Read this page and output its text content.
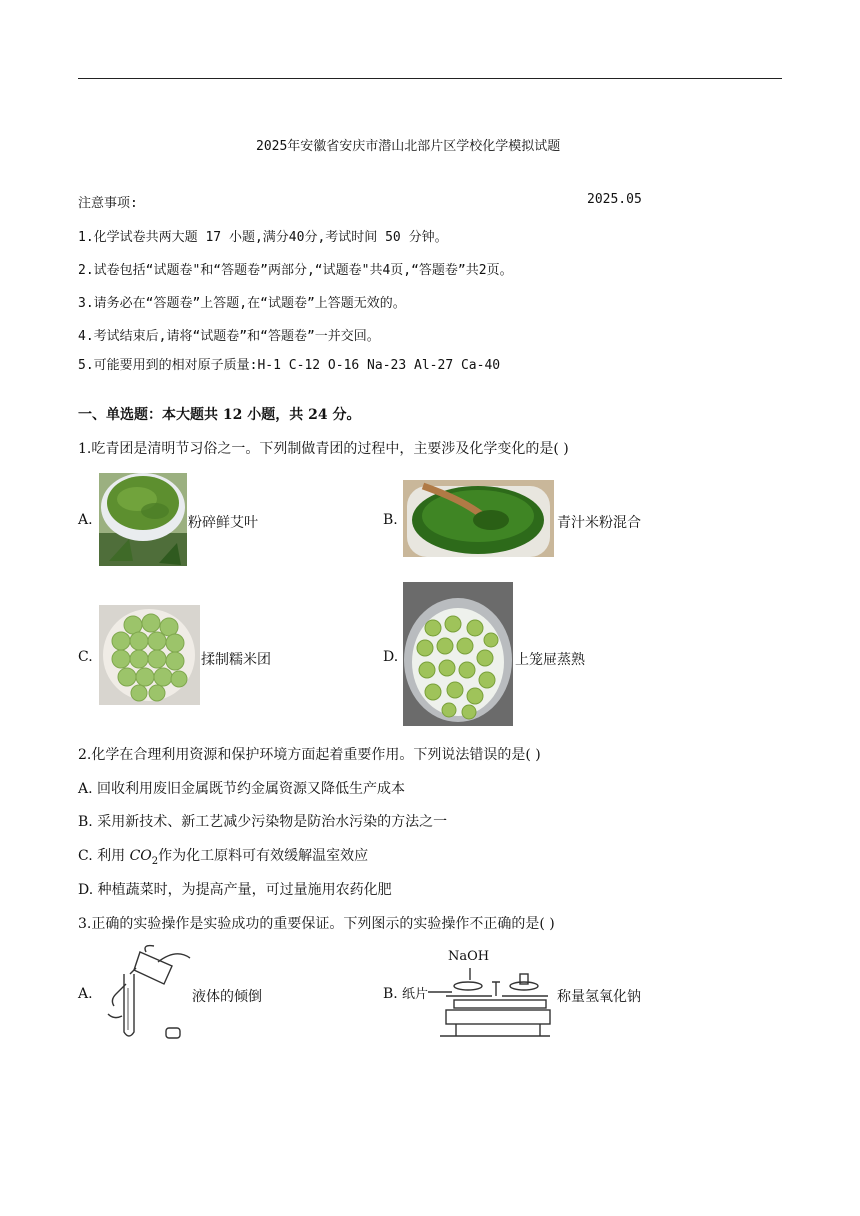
2025年安徽省安庆市潜山北部片区学校化学模拟试题
注意事项:	2025.05
1.化学试卷共两大题 17 小题,满分40分,考试时间 50 分钟。
2.试卷包括“试题卷"和“答题卷”两部分,“试题卷"共4页,“答题卷”共2页。
3.请务必在“答题卷”上答题,在“试题卷”上答题无效的。
4.考试结束后,请将“试题卷”和“答题卷”一并交回。
5.可能要用到的相对原子质量:H-1 C-12 O-16 Na-23 Al-27 Ca-40
一、单选题：本大题共 12 小题，共 24 分。
1.吃青团是清明节习俗之一。下列制做青团的过程中，主要涉及化学变化的是( )
A.	粉碎鲜艾叶	B.	青汁米粉混合
C.	揉制糯米团	D.	上笼屉蒸熟
2.化学在合理利用资源和保护环境方面起着重要作用。下列说法错误的是( )
A. 回收利用废旧金属既节约金属资源又降低生产成本
B. 采用新技术、新工艺减少污染物是防治水污染的方法之一
C. 利用 $CO_2$作为化工原料可有效缓解温室效应
D. 种植蔬菜时，为提高产量，可过量施用农药化肥
3.正确的实验操作是实验成功的重要保证。下列图示的实验操作不正确的是( )
A.	液体的倾倒	B.
NaOH
纸片	称量氢氧化钠
